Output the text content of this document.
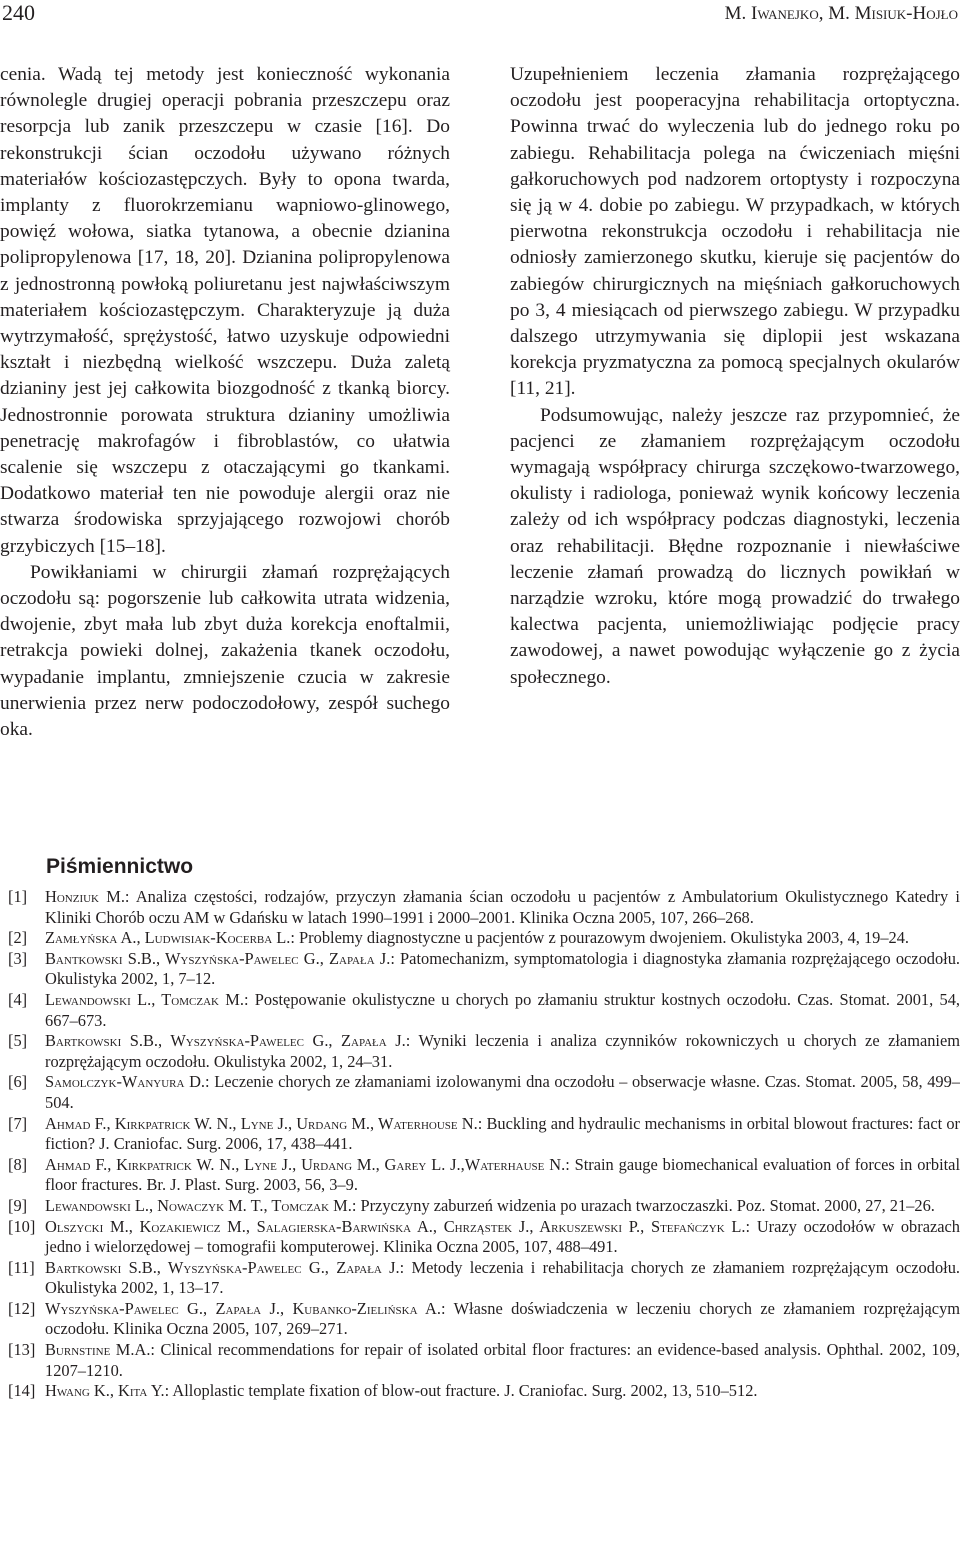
240	M. Iwanejko, M. Misiuk-Hojło

cenia. Wadą tej metody jest konieczność wykonania równolegle drugiej operacji pobrania przeszczepu oraz resorpcja lub zanik przeszczepu w czasie [16]. Do rekonstrukcji ścian oczodołu używano różnych materiałów kościozastępczych. Były to opona twarda, implanty z fluorokrzemianu wapniowo-glinowego, powięź wołowa, siatka tytanowa, a obecnie dzianina polipropylenowa [17, 18, 20]. Dzianina polipropylenowa z jednostronną powłoką poliuretanu jest najwłaściwszym materiałem kościozastępczym. Charakteryzuje ją duża wytrzymałość, sprężystość, łatwo uzyskuje odpowiedni kształt i niezbędną wielkość wszczepu. Duża zaletą dzianiny jest jej całkowita biozgodność z tkanką biorcy. Jednostronnie porowata struktura dzianiny umożliwia penetrację makrofagów i fibroblastów, co ułatwia scalenie się wszczepu z otaczającymi go tkankami. Dodatkowo materiał ten nie powoduje alergii oraz nie stwarza środowiska sprzyjającego rozwojowi chorób grzybiczych [15–18].

Powikłaniami w chirurgii złamań rozprężających oczodołu są: pogorszenie lub całkowita utrata widzenia, dwojenie, zbyt mała lub zbyt duża korekcja enoftalmii, retrakcja powieki dolnej, zakażenia tkanek oczodołu, wypadanie implantu, zmniejszenie czucia w zakresie unerwienia przez nerw podoczodołowy, zespół suchego oka.

Uzupełnieniem leczenia złamania rozprężającego oczodołu jest pooperacyjna rehabilitacja ortoptyczna. Powinna trwać do wyleczenia lub do jednego roku po zabiegu. Rehabilitacja polega na ćwiczeniach mięśni gałkoruchowych pod nadzorem ortoptysty i rozpoczyna się ją w 4. dobie po zabiegu. W przypadkach, w których pierwotna rekonstrukcja oczodołu i rehabilitacja nie odniosły zamierzonego skutku, kieruje się pacjentów do zabiegów chirurgicznych na mięśniach gałkoruchowych po 3, 4 miesiącach od pierwszego zabiegu. W przypadku dalszego utrzymywania się diplopii jest wskazana korekcja pryzmatyczna za pomocą specjalnych okularów [11, 21].

Podsumowując, należy jeszcze raz przypomnieć, że pacjenci ze złamaniem rozprężającym oczodołu wymagają współpracy chirurga szczękowo-twarzowego, okulisty i radiologa, ponieważ wynik końcowy leczenia zależy od ich współpracy podczas diagnostyki, leczenia oraz rehabilitacji. Błędne rozpoznanie i niewłaściwe leczenie złamań prowadzą do licznych powikłań w narządzie wzroku, które mogą prowadzić do trwałego kalectwa pacjenta, uniemożliwiając podjęcie pracy zawodowej, a nawet powodując wyłączenie go z życia społecznego.

Piśmiennictwo

[1] Honziuk M.: Analiza częstości, rodzajów, przyczyn złamania ścian oczodołu u pacjentów z Ambulatorium Okulistycznego Katedry i Kliniki Chorób oczu AM w Gdańsku w latach 1990–1991 i 2000–2001. Klinika Oczna 2005, 107, 266–268.

[2] Zamłyńska A., Ludwisiak-Kocerba L.: Problemy diagnostyczne u pacjentów z pourazowym dwojeniem. Okulistyka 2003, 4, 19–24.

[3] Bantkowski S.B., Wyszyńska-Pawelec G., Zapała J.: Patomechanizm, symptomatologia i diagnostyka złamania rozprężającego oczodołu. Okulistyka 2002, 1, 7–12.

[4] Lewandowski L., Tomczak M.: Postępowanie okulistyczne u chorych po złamaniu struktur kostnych oczodołu. Czas. Stomat. 2001, 54, 667–673.

[5] Bartkowski S.B., Wyszyńska-Pawelec G., Zapała J.: Wyniki leczenia i analiza czynników rokowniczych u chorych ze złamaniem rozprężającym oczodołu. Okulistyka 2002, 1, 24–31.

[6] Samolczyk-Wanyura D.: Leczenie chorych ze złamaniami izolowanymi dna oczodołu – obserwacje własne. Czas. Stomat. 2005, 58, 499–504.

[7] Ahmad F., Kirkpatrick W. N., Lyne J., Urdang M., Waterhouse N.: Buckling and hydraulic mechanisms in orbital blowout fractures: fact or fiction? J. Craniofac. Surg. 2006, 17, 438–441.

[8] Ahmad F., Kirkpatrick W. N., Lyne J., Urdang M., Garey L. J.,Waterhause N.: Strain gauge biomechanical evaluation of forces in orbital floor fractures. Br. J. Plast. Surg. 2003, 56, 3–9.

[9] Lewandowski L., Nowaczyk M. T., Tomczak M.: Przyczyny zaburzeń widzenia po urazach twarzoczaszki. Poz. Stomat. 2000, 27, 21–26.

[10] Olszycki M., Kozakiewicz M., Salagierska-Barwińska A., Chrząstek J., Arkuszewski P., Stefańczyk L.: Urazy oczodołów w obrazach jedno i wielorzędowej – tomografii komputerowej. Klinika Oczna 2005, 107, 488–491.

[11] Bartkowski S.B., Wyszyńska-Pawelec G., Zapała J.: Metody leczenia i rehabilitacja chorych ze złamaniem rozprężającym oczodołu. Okulistyka 2002, 1, 13–17.

[12] Wyszyńska-Pawelec G., Zapała J., Kubanko-Zielińska A.: Własne doświadczenia w leczeniu chorych ze złamaniem rozprężającym oczodołu. Klinika Oczna 2005, 107, 269–271.

[13] Burnstine M.A.: Clinical recommendations for repair of isolated orbital floor fractures: an evidence-based analysis. Ophthal. 2002, 109, 1207–1210.

[14] Hwang K., Kita Y.: Alloplastic template fixation of blow-out fracture. J. Craniofac. Surg. 2002, 13, 510–512.
